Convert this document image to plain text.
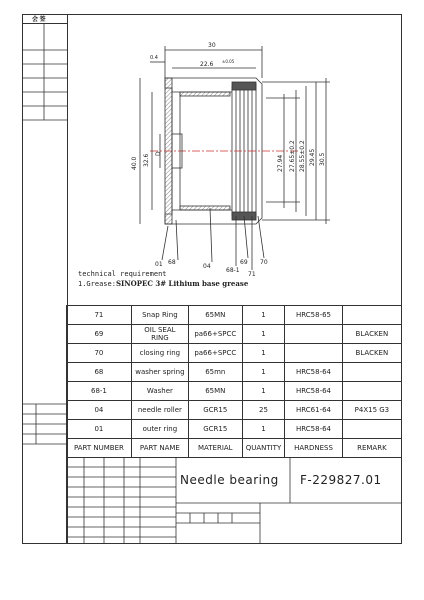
会 签
30
22.6 ±0.05
0.4
40.0 32.6 D
27.94 27.65±0.2 28.55±0.2 29.45 30.5
01 68
04
68-1
69
71
70
technical requirement
1.Grease:SINOPEC 3# Lithium base grease
71	Snap Ring	65MN	1	HRC58-65	
69	OIL SEAL RING	pa66+SPCC	1		BLACKEN
70	closing ring	pa66+SPCC	1		BLACKEN
68	washer spring	65mn	1	HRC58-64	
68-1	Washer	65MN	1	HRC58-64	
04	needle roller	GCR15	25	HRC61-64	P4X15 G3
01	outer ring	GCR15	1	HRC58-64	
PART NUMBER	PART NAME	MATERIAL	QUANTITY	HARDNESS	REMARK
Needle bearing F-229827.01
